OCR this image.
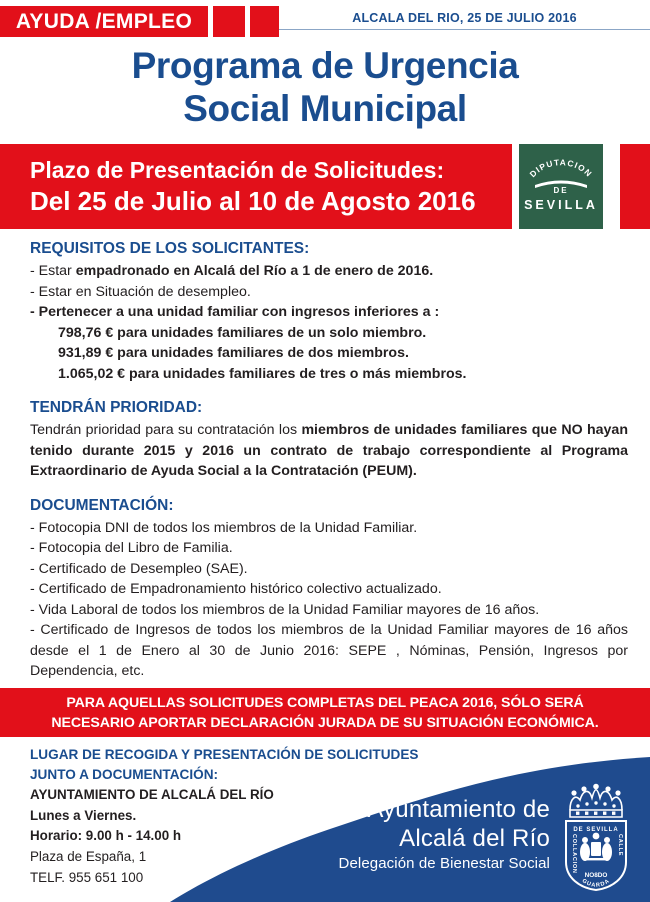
AYUDA /EMPLEO	ALCALA DEL RIO, 25 DE JULIO 2016
Programa de Urgencia
Social Municipal
Plazo de Presentación de Solicitudes:
Del 25 de Julio al 10 de Agosto 2016
DIPUTACION
DE
SEVILLA
REQUISITOS DE LOS SOLICITANTES:
- Estar empadronado en Alcalá del Río a 1 de enero de 2016.
- Estar en Situación de desempleo.
- Pertenecer a una unidad familiar con ingresos inferiores a :
798,76 € para unidades familiares de un solo miembro.
931,89 € para unidades familiares de dos miembros.
1.065,02 € para unidades familiares de tres o más miembros.
TENDRÁN PRIORIDAD:
Tendrán prioridad para su contratación los miembros de unidades familiares que NO hayan tenido durante 2015 y 2016 un contrato de trabajo correspondiente al Programa Extraordinario de Ayuda Social a la Contratación (PEUM).
DOCUMENTACIÓN:
- Fotocopia DNI de todos los miembros de la Unidad Familiar.
- Fotocopia del Libro de Familia.
- Certificado de Desempleo (SAE).
- Certificado de Empadronamiento histórico colectivo actualizado.
- Vida Laboral de todos los miembros de la Unidad Familiar mayores de 16 años.
- Certificado de Ingresos de todos los miembros de la Unidad Familiar mayores de 16 años desde el 1 de Enero al 30 de Junio 2016: SEPE , Nóminas, Pensión, Ingresos por Dependencia, etc.
PARA AQUELLAS SOLICITUDES COMPLETAS DEL PEACA 2016, SÓLO SERÁ
NECESARIO APORTAR DECLARACIÓN JURADA DE SU SITUACIÓN ECONÓMICA.
LUGAR DE RECOGIDA Y PRESENTACIÓN DE SOLICITUDES
JUNTO A DOCUMENTACIÓN:
AYUNTAMIENTO DE ALCALÁ DEL RÍO
Lunes a Viernes.
Horario: 9.00 h - 14.00 h
Plaza de España, 1
TELF. 955 651 100
Ayuntamiento de
Alcalá del Río
Delegación de Bienestar Social
DE SEVILLA
COLLACION
CALLE
GUARDA
NO8DO
